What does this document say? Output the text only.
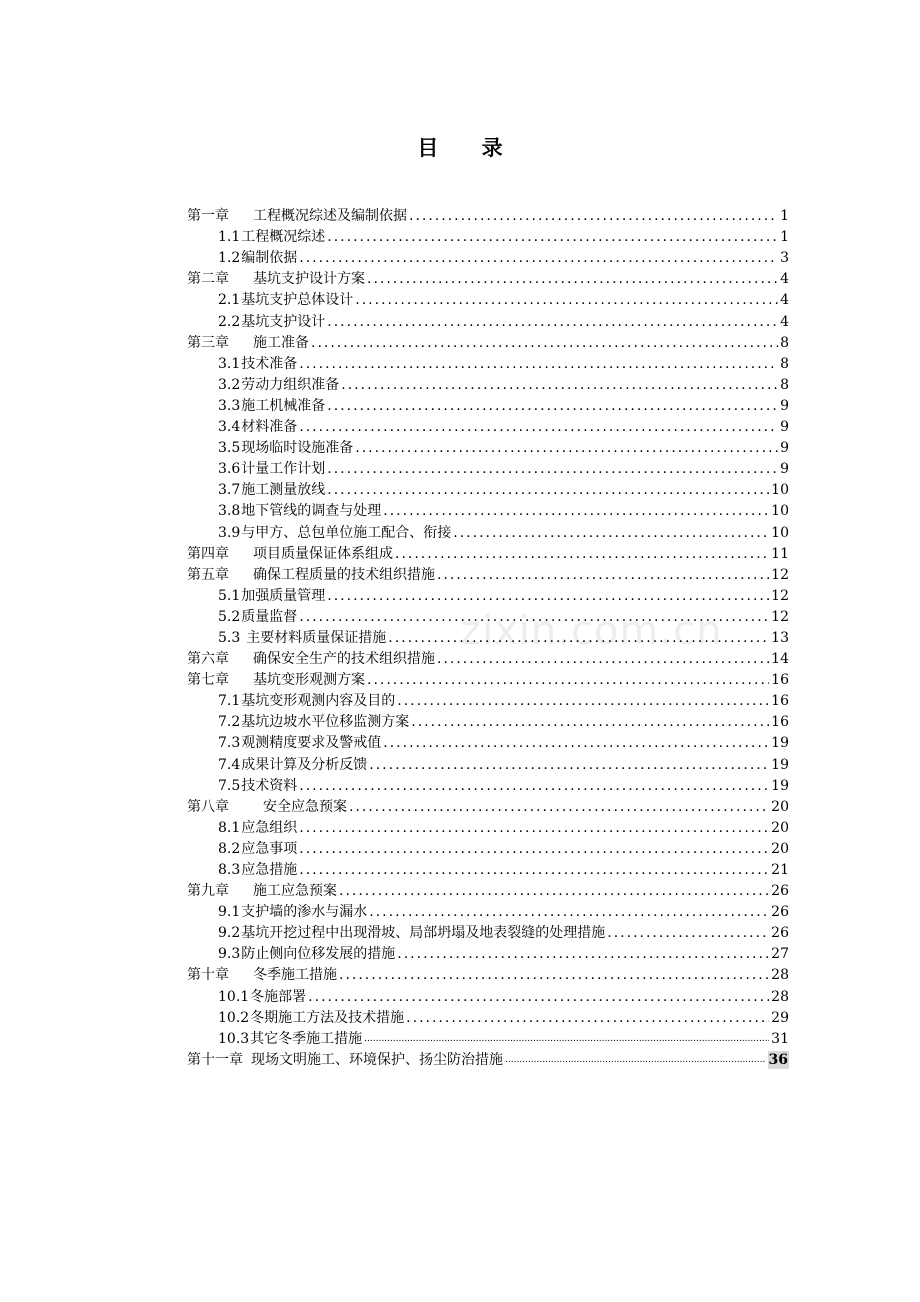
目 录
第一章	工程概况综述及编制依据 .....	1
1.1 工程概况综述 .....	1
1.2 编制依据 .....	3
第二章	基坑支护设计方案 .....	4
2.1 基坑支护总体设计 .....	4
2.2 基坑支护设计 .....	4
第三章	施工准备 .....	8
3.1 技术准备 .....	8
3.2 劳动力组织准备 .....	8
3.3 施工机械准备 .....	9
3.4 材料准备 .....	9
3.5 现场临时设施准备 .....	9
3.6 计量工作计划 .....	9
3.7 施工测量放线 .....	10
3.8 地下管线的调查与处理 .....	10
3.9 与甲方、总包单位施工配合、衔接 .....	10
第四章	项目质量保证体系组成 .....	11
第五章	确保工程质量的技术组织措施 .....	12
5.1 加强质量管理 .....	12
5.2 质量监督 .....	12
5.3 主要材料质量保证措施 .....	13
第六章	确保安全生产的技术组织措施 .....	14
第七章	基坑变形观测方案 .....	16
7.1 基坑变形观测内容及目的 .....	16
7.2 基坑边坡水平位移监测方案 .....	16
7.3 观测精度要求及警戒值 .....	19
7.4 成果计算及分析反馈 .....	19
7.5 技术资料 .....	19
第八章	安全应急预案 .....	20
8.1 应急组织 .....	20
8.2 应急事项 .....	20
8.3 应急措施 .....	21
第九章	施工应急预案 .....	26
9.1 支护墙的渗水与漏水 .....	26
9.2 基坑开挖过程中出现滑坡、局部坍塌及地表裂缝的处理措施 .....	26
9.3 防止侧向位移发展的措施 .....	27
第十章	冬季施工措施 .....	28
10.1 冬施部署 .....	28
10.2 冬期施工方法及技术措施 .....	29
10.3 其它冬季施工措施 .....	31
第十一章 现场文明施工、环境保护、扬尘防治措施 .....	36
zixin.com.cn
